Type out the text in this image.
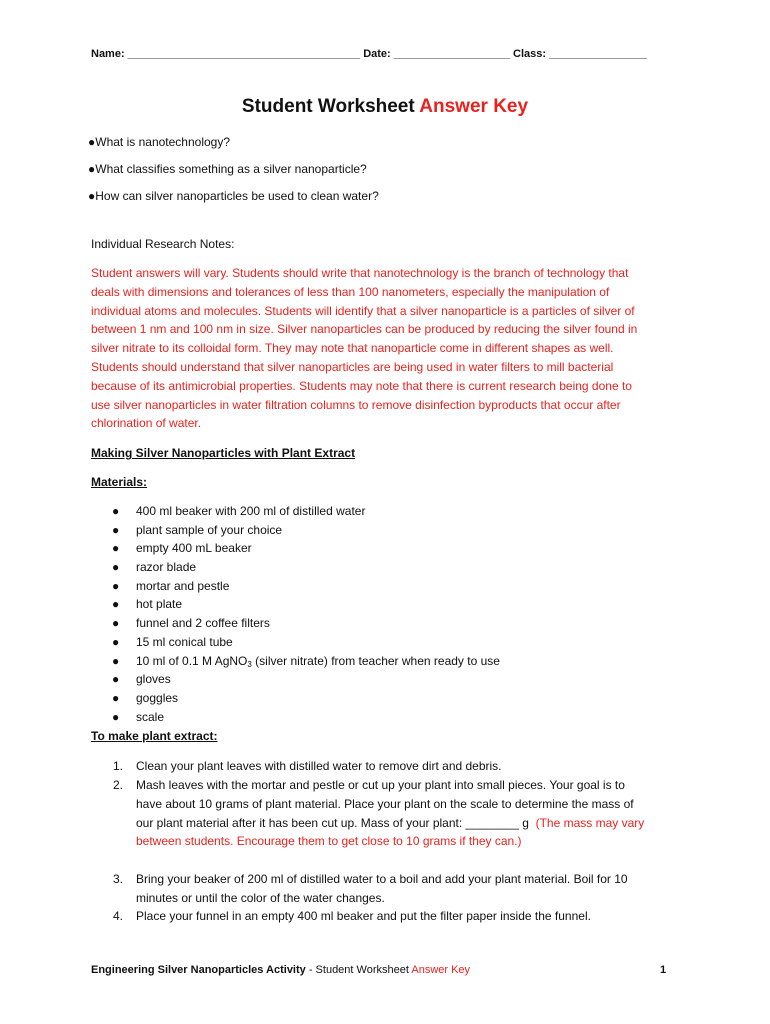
Name: ______________________________________ Date: ___________________ Class: ________________
Student Worksheet Answer Key
●What is nanotechnology?
●What classifies something as a silver nanoparticle?
●How can silver nanoparticles be used to clean water?
Individual Research Notes:
Student answers will vary. Students should write that nanotechnology is the branch of technology that
deals with dimensions and tolerances of less than 100 nanometers, especially the manipulation of
individual atoms and molecules. Students will identify that a silver nanoparticle is a particles of silver of
between 1 nm and 100 nm in size. Silver nanoparticles can be produced by reducing the silver found in
silver nitrate to its colloidal form. They may note that nanoparticle come in different shapes as well.
Students should understand that silver nanoparticles are being used in water filters to mill bacterial
because of its antimicrobial properties. Students may note that there is current research being done to
use silver nanoparticles in water filtration columns to remove disinfection byproducts that occur after
chlorination of water.
Making Silver Nanoparticles with Plant Extract
Materials:
● 400 ml beaker with 200 ml of distilled water
● plant sample of your choice
● empty 400 mL beaker
● razor blade
● mortar and pestle
● hot plate
● funnel and 2 coffee filters
● 15 ml conical tube
● 10 ml of 0.1 M AgNO$_3$ (silver nitrate) from teacher when ready to use
● gloves
● goggles
● scale
To make plant extract:
1. Clean your plant leaves with distilled water to remove dirt and debris.
2. Mash leaves with the mortar and pestle or cut up your plant into small pieces. Your goal is to
have about 10 grams of plant material. Place your plant on the scale to determine the mass of
our plant material after it has been cut up. Mass of your plant: ________ g (The mass may vary
between students. Encourage them to get close to 10 grams if they can.)
3. Bring your beaker of 200 ml of distilled water to a boil and add your plant material. Boil for 10
minutes or until the color of the water changes.
4. Place your funnel in an empty 400 ml beaker and put the filter paper inside the funnel.
Engineering Silver Nanoparticles Activity - Student Worksheet Answer Key	1
